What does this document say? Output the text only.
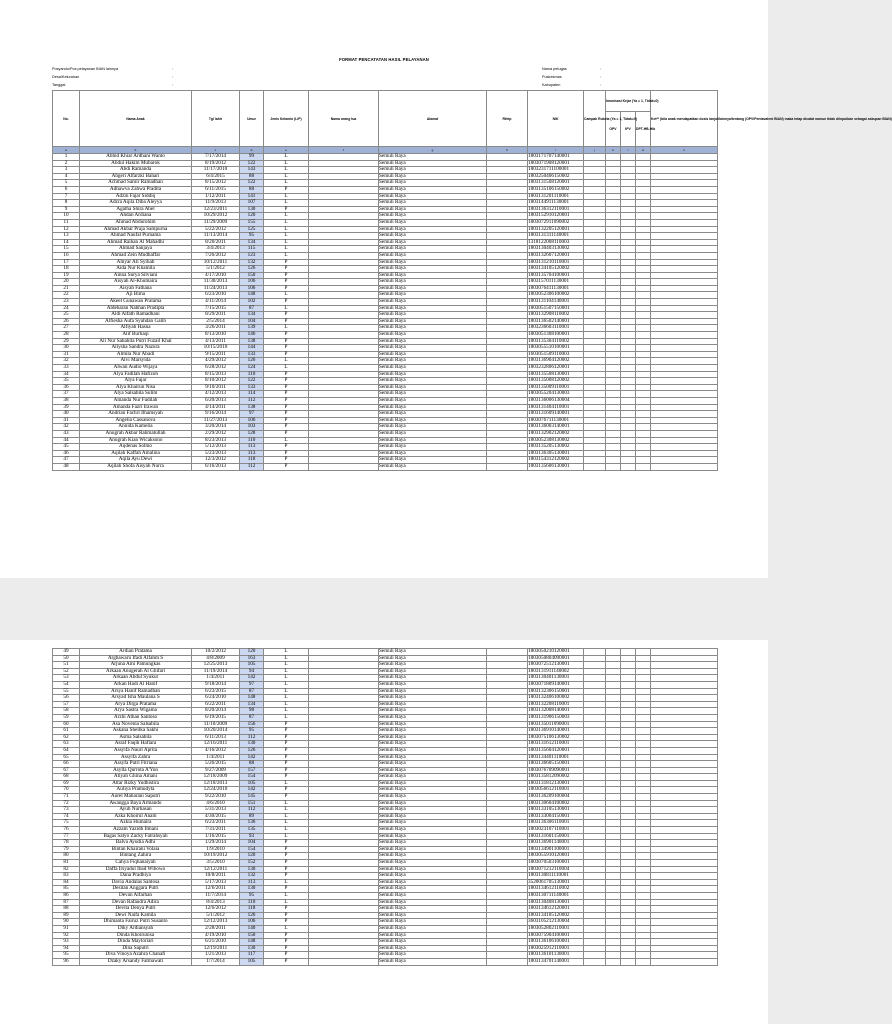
FORMAT PENCATATAN HASIL PELAYANAN
Posyandu/Pos pelayanan BIAN lainnya
Desa/Kelurahan
Tanggal
:
:
:
Nama petugas
Puskesmas
Kabupaten
:
:
:
No.	Nama Anak	Tgl lahir	Umur	Jenis Kelamin (L/P)	Nama orang tua	Alamat	Rt/rtp	NIK	Campak Rubela (Ya = 1, Tidak=0)	Imunisasi Kejar (Ya = 1, Tidak=0)			Ket** (bila anak mendapatkan dosis lanjut/lainnya/tentang (OPV/Pentavalent BIAN) maka tetap dicatat namun tidak diinputkan sebagai cakupan BIAN)
										OPV	IPV	DPT-HB-Hib	
a	b	c	d	e	f	g	h	i	j	k	l	m	n
1	Abhid Khiar Ardhani Wanto	7/17/2014	99	L		Semuli Raya		1803171707140001					
2	Abdul Hakim Mubarok	8/19/2012	122	L		Semuli Raya		1803071908120001					
3	Abdi Ramanda	11/17/2010	143	L		Semuli Raya		1803231711100001					
4	Abgeri Alfarzki Bahari	6/4/2015	88	L		Semuli Raya		1803250406150002					
5	Achmad Samir Ramadhan	8/15/2012	122	L		Semuli Raya		1803131508120001					
6	Adhawva Zahwa Pradita	6/11/2015	88	P		Semuli Raya		1803135106150002					
7	Adzin Fajar Siddiq	1/12/2011	141	L		Semuli Raya		1803131201110001					
8	Adzra Aqila Diba Aleyya	11/9/2013	107	L		Semuli Raya		1803144911130001					
9	Agatha Shira Abel	12/23/2011	130	P		Semuli Raya		1803136312110001					
10	Ahdan Ardiana	10/29/2012	120	L		Semuli Raya		1803152910120001					
11	Ahmad Abdurohim	11/29/2009	155	L		Semuli Raya		1803072911090002					
12	Ahmad Akbar Praja Sampurna	5/22/2012	125	L		Semuli Raya		1803132205120001					
13	Ahmad Naufal Purnama	11/13/2014	95	L		Semuli Raya		1803131311140001					
14	Ahmad Raihan Al Mahadhi	8/20/2011	134	L		Semuli Raya		1318122008110003					
15	Ahmad Sanjaya	3/4/2013	115	L		Semuli Raya		1803130403130002					
16	Ahmad Zein Mudhaffar	7/26/2012	123	L		Semuli Raya		1803132607120001					
17	Alnyar Ali Syihab	10/12/2011	132	P		Semuli Raya		1803131210110001					
18	Aida Nur Khamila	5/1/2012	126	P		Semuli Raya		1803134105120002					
19	Ainna Surya Silviani	4/17/2010	150	P		Semuli Raya		1803135704100001					
20	Aisyah Al-Khumaira	11/30/2013	106	P		Semuli Raya		1803157011130001					
21	Aisyah Fathana	11/24/2013	106	P		Semuli Raya		1803076411130001					
22	Aji Bima	6/23/2010	148	L		Semuli Raya		1803052306100002					
23	Akeel Gunawan Pratama	4/11/2014	102	P		Semuli Raya		1803131104140001					
24	Aldebaran Nabhan Pradipta	7/15/2015	87	L		Semuli Raya		1803051507150001					
25	Aldi Alfath Ramadhani	8/29/2011	134	P		Semuli Raya		1803132908110002					
26	Alfiesha Aufa Syahdan Galih	2/5/2014	104	P		Semuli Raya		1803136502140001					
27	Alfiyah Hasna	3/26/2011	139	L		Semuli Raya		1803236603110001					
28	Alif Burhaqi	8/13/2010	146	P		Semuli Raya		1803051308100001					
29	Ali Nur Sabahila Putri Fuzail Khal	4/13/2011	138	P		Semuli Raya		1803135304110002					
30	Allysha Sandra Nazura	10/15/2010	144	P		Semuli Raya		1803055510100001					
31	Almila Nur Abadi	9/15/2011	133	P		Semuli Raya		1603051509110003					
32	Alvi Marsyida	4/29/2012	126	L		Semuli Raya		1803136904120002					
33	Alwan Audio Wijaya	6/28/2012	124	L		Semuli Raya		1803232806120001					
34	Alya Fadilah Hafizoh	8/15/2013	110	P		Semuli Raya		1803135508130001					
35	Alya Fajar	8/10/2012	122	P		Semuli Raya		1803135008120002					
36	Alya Khairun Nisa	9/10/2011	133	P		Semuli Raya		1803135009110001					
37	Alya Salsabila Sulim	4/12/2013	114	P		Semuli Raya		1803055204130003					
38	Amanda Nur Fadilah	6/20/2013	112	P		Semuli Raya		1803136006130004					
39	Amanda Fazri Irawan	4/14/2011	138	P		Semuli Raya		1803131404110001					
40	Andrian Fachri Ilhamsyah	9/16/2014	97	P		Semuli Raya		1803131609140001					
41	Angelia Cassanova	11/27/2013	106	P		Semuli Raya		1803076711130001					
42	Annida Kamelia	3/20/2014	103	P		Semuli Raya		1803136003140001					
43	Anugrah Akbar Rahmatullah	2/29/2012	128	P		Semuli Raya		1803132902120002					
44	Anugrah Kian Wicaksono	8/23/2013	110	L		Semuli Raya		1803052308130002					
45	Aqdenas Solmo	5/12/2013	113	P		Semuli Raya		1803135205130002					
46	Aqilah Kaffah Amalina	5/23/2013	113	P		Semuli Raya		1803136305130001					
47	Aqila Ayu Dewi	12/3/2012	118	P		Semuli Raya		1803154312120002					
48	Aqilah Shofa Aisyah Nurra	6/16/2013	112	P		Semuli Raya		1803135606130001					
49	Ardian Pratama	10/2/2012	120	L		Semuli Raya		1803050210120001					
50	Argbawaru Ifadi Alfahm S	4/8/2009	163	L		Semuli Raya		1803050804090001					
51	Arjuna Ami Pamungkas	12/25/2013	105	L		Semuli Raya		1803072512130001					
52	Arkaan Anugerah Al Ghifari	11/19/2014	94	L		Semuli Raya		1803131911140002					
53	Arkaan Abdul Syukur	1/4/2011	142	L		Semuli Raya		1803130401130001					
54	Arkan Hadi Al Hanif	9/18/2014	97	L		Semuli Raya		1803071809140001					
55	Arsya Hanif Ramadhan	6/23/2015	87	L		Semuli Raya		1803132306150001					
56	Arsyad Isha Maulana S	6/24/2010	148	L		Semuli Raya		1803132406100002					
57	Arya Dirga Pratama	6/22/2011	134	L		Semuli Raya		1803132208110001					
58	Arya Sastra Wigama	8/20/2014	98	L		Semuli Raya		1803132008140001					
59	Arzhi Athan Santoso	6/19/2015	87	L		Semuli Raya		1803131906150003					
60	Asa Novenia Salsabila	11/10/2009	156	P		Semuli Raya		1803135011090001					
61	Askana Sheilka Sakhi	10/20/2014	95	P		Semuli Raya		1803136910140001					
62	Asma Salsabila	6/11/2013	112	P		Semuli Raya		1803075106130002					
63	Asraf Faqih Hafiara	12/16/2011	130	P		Semuli Raya		1803131612110001					
64	Assyifa Nauri Aprita	4/16/2012	126	P		Semuli Raya		1803135604120001					
65	Assyifa Zahra	1/4/2011	142	P		Semuli Raya		1803134401110001					
66	Assyfa Putri Fitriana	5/26/2015	88	P		Semuli Raya		1803136605150001					
67	Asylla Qurrota A'Yun	9/27/2009	157	P		Semuli Raya		1803076709090001					
68	Atiyah Ghina Amani	12/18/2009	154	P		Semuli Raya		1803135812090002					
69	Attar Rizky Yudhistira	12/18/2013	105	L		Semuli Raya		1803131812130001					
70	Auliya Pramudyta	12/24/2010	142	P		Semuli Raya		1803056612110001					
71	Aurel Maharani Saputri	9/22/2010	145	P		Semuli Raya		1803136209100004					
72	Awangga Baya Armando	4/6/2010	151	L		Semuli Raya		1803130604100002					
73	Ayub Nurhasan	5/31/2013	112	L		Semuli Raya		1803133105130001					
74	Azka Khoirul Anam	4/30/2015	89	L		Semuli Raya		1803133004150001					
75	Azkia Humaira	6/23/2011	136	L		Semuli Raya		1803136306110001					
76	Azzam Yazidh Ilmani	7/31/2011	135	L		Semuli Raya		1803023107110001					
77	Bagas Satyo Zacky Fatrahsyah	1/16/2015	93	L		Semuli Raya		1803131601150001					
78	Balva Ayudia Adhi	1/29/2014	104	P		Semuli Raya		1803136901140001					
79	Bintan Khairani Volaia	1/9/2010	154	P		Semuli Raya		1803134901100001					
80	Bintang Zahira	10/19/2012	120	P		Semuli Raya		1803055910120001					
81	Cahya Fiqhanaiyah	3/5/2010	152	P		Semuli Raya		1803070503100001					
82	Daffa Irsyadul Ibad Wibowo	12/12/2011	130	P		Semuli Raya		1803071212110004					
83	Dana Pradhiya	10/8/2011	132	P		Semuli Raya		1803130811110001					
84	Davia Andalas Santosa	5/17/2013	113	L		Semuli Raya		3520061705130001					
85	Desitan Anggara Putri	12/6/2011	130	P		Semuli Raya		1803134612110002					
86	Devan Alfarhan	11/7/2014	95	L		Semuli Raya		1803130711140001					
87	Devan Rafaudra Adira	8/4/2013	110	L		Semuli Raya		1803130408130001					
88	Devita Denya Putri	12/6/2012	118	P		Semuli Raya		1803134612120001					
89	Dewi Naifa Kamila	5/1/2012	126	P		Semuli Raya		1803134105120002					
90	Dhimanta Fairuz Putri Susanto	12/12/2013	106	P		Semuli Raya		3603105212130004					
91	Diky Ardiansyah	2/28/2011	140	L		Semuli Raya		1803052802110001					
92	Dinda Khoirunisa	4/19/2010	150	P		Semuli Raya		1803075904100001					
93	Dinda Mayloriari	6/21/2010	148	P		Semuli Raya		1803136106100001					
94	Dina Saputri	12/19/2011	130	P		Semuli Raya		1803025912110001					
95	Diva Vinoya Azahra Chanafi	1/21/2013	117	P		Semuli Raya		1803136101130001					
96	Dzaky Arsandy Fatmawati	1/7/2014	105	P		Semuli Raya		1803134701140001					
